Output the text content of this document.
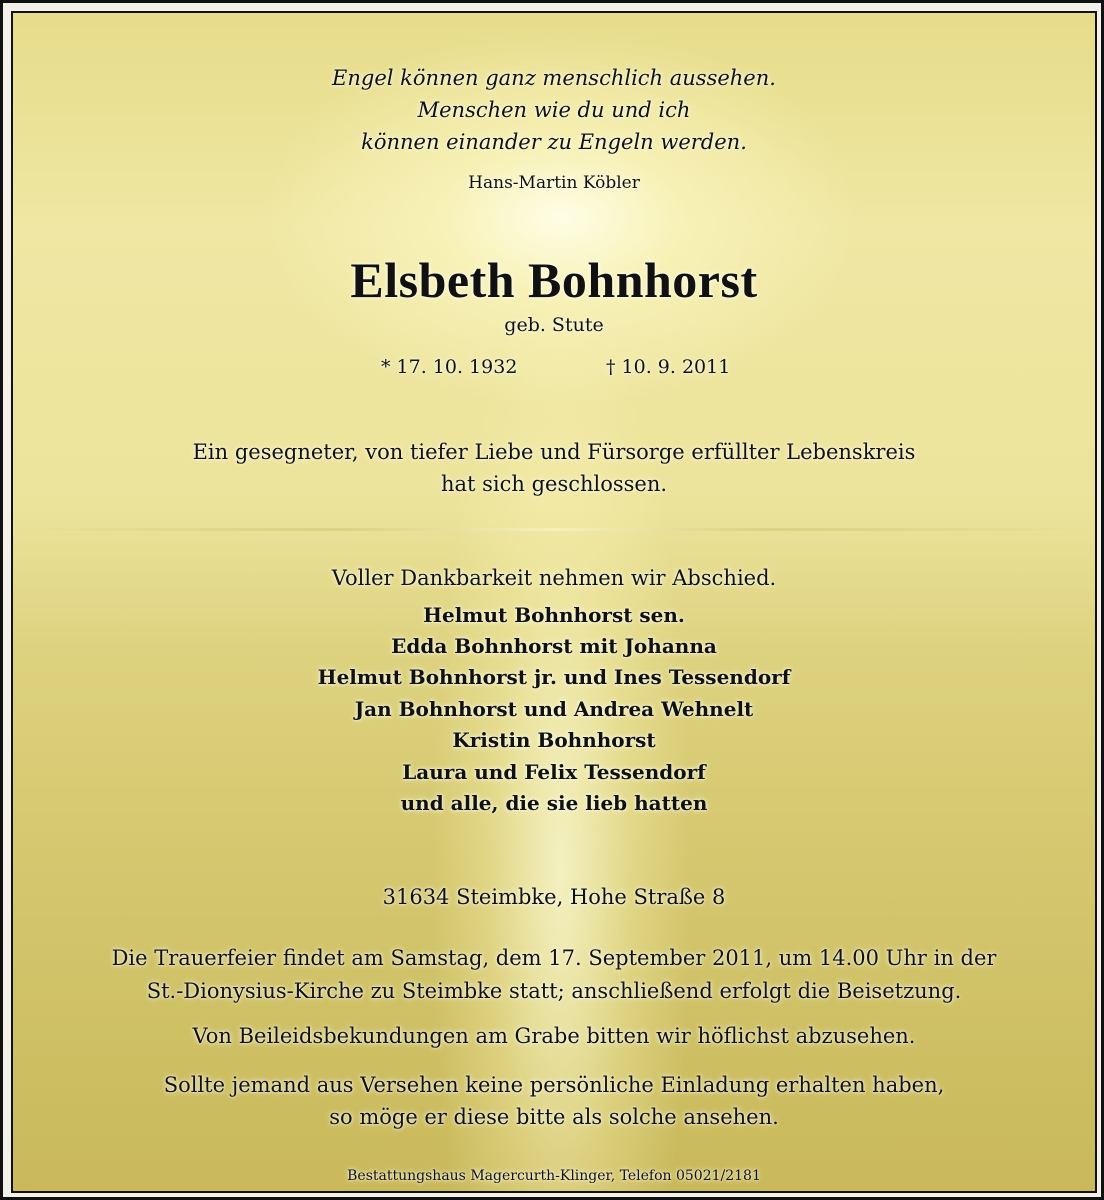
Engel können ganz menschlich aussehen.
Menschen wie du und ich
können einander zu Engeln werden.
Hans-Martin Köbler
Elsbeth Bohnhorst
geb. Stute
* 17. 10. 1932	† 10. 9. 2011
Ein gesegneter, von tiefer Liebe und Fürsorge erfüllter Lebenskreis
hat sich geschlossen.
Voller Dankbarkeit nehmen wir Abschied.
Helmut Bohnhorst sen.
Edda Bohnhorst mit Johanna
Helmut Bohnhorst jr. und Ines Tessendorf
Jan Bohnhorst und Andrea Wehnelt
Kristin Bohnhorst
Laura und Felix Tessendorf
und alle, die sie lieb hatten
31634 Steimbke, Hohe Straße 8
Die Trauerfeier findet am Samstag, dem 17. September 2011, um 14.00 Uhr in der
St.-Dionysius-Kirche zu Steimbke statt; anschließend erfolgt die Beisetzung.
Von Beileidsbekundungen am Grabe bitten wir höflichst abzusehen.
Sollte jemand aus Versehen keine persönliche Einladung erhalten haben,
so möge er diese bitte als solche ansehen.
Bestattungshaus Magercurth-Klinger, Telefon 05021/2181
